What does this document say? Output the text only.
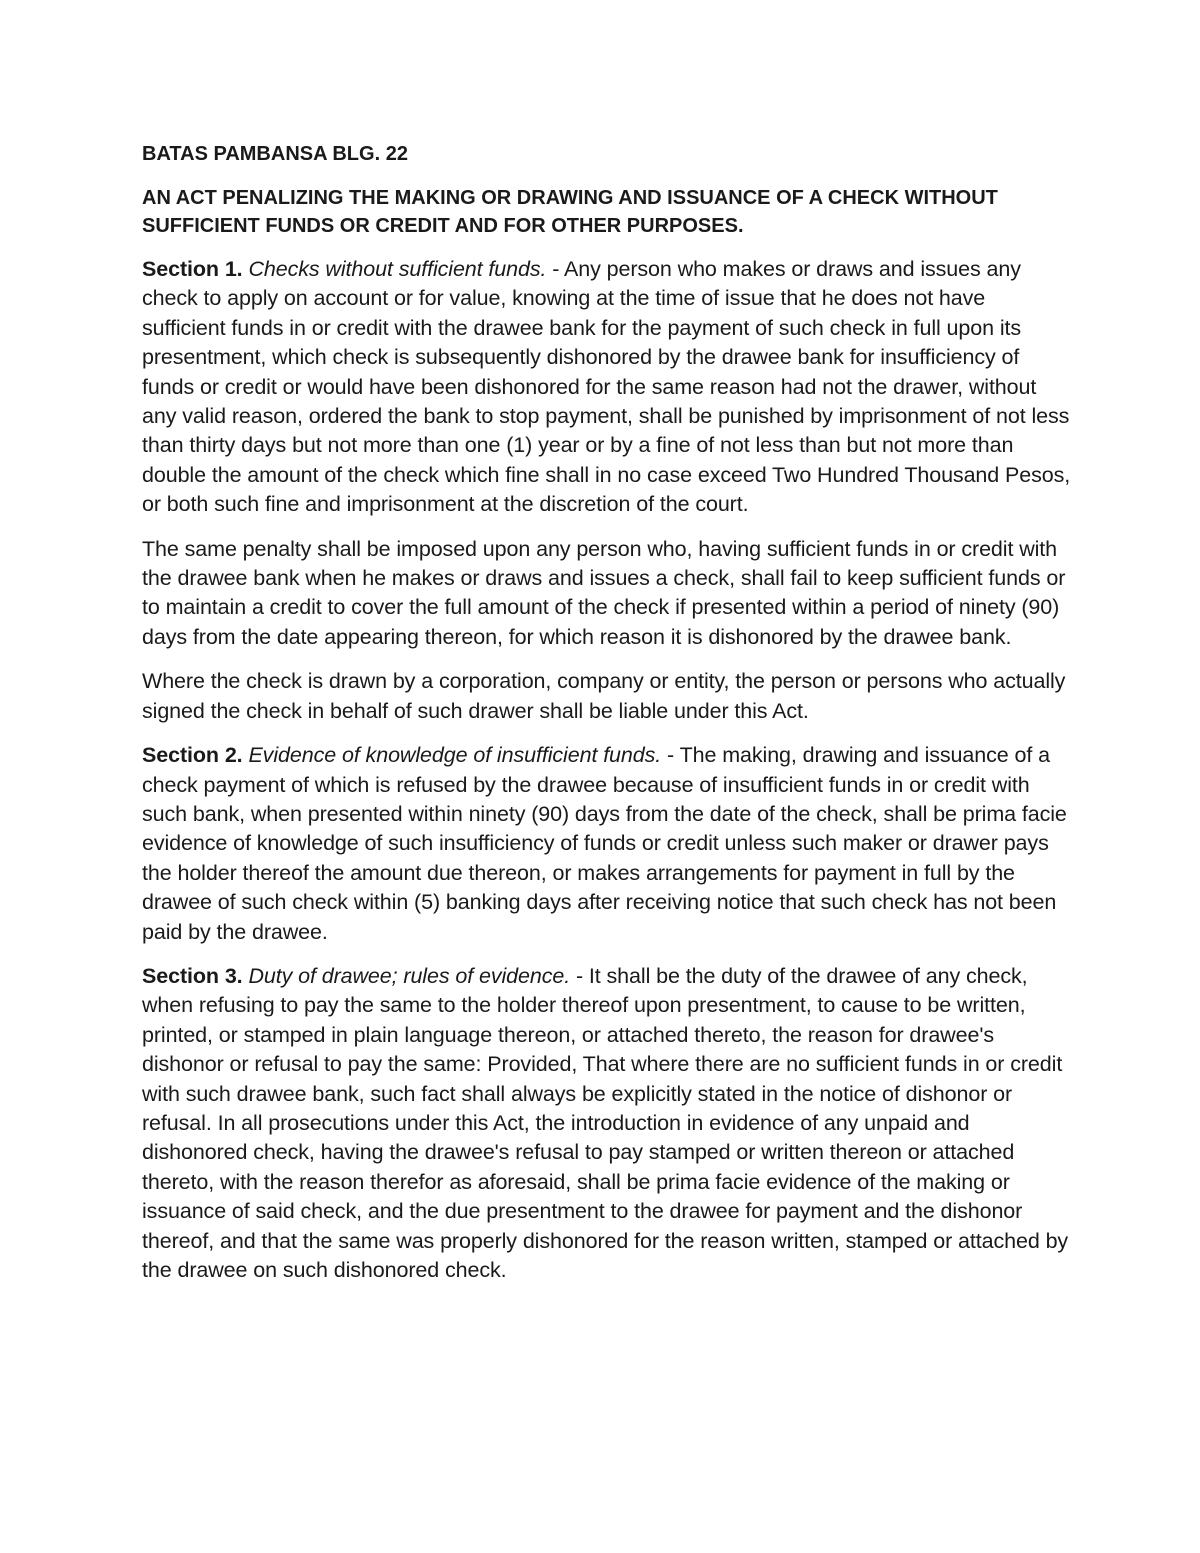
BATAS PAMBANSA BLG. 22

AN ACT PENALIZING THE MAKING OR DRAWING AND ISSUANCE OF A CHECK WITHOUT SUFFICIENT FUNDS OR CREDIT AND FOR OTHER PURPOSES.

Section 1. Checks without sufficient funds. - Any person who makes or draws and issues any check to apply on account or for value, knowing at the time of issue that he does not have sufficient funds in or credit with the drawee bank for the payment of such check in full upon its presentment, which check is subsequently dishonored by the drawee bank for insufficiency of funds or credit or would have been dishonored for the same reason had not the drawer, without any valid reason, ordered the bank to stop payment, shall be punished by imprisonment of not less than thirty days but not more than one (1) year or by a fine of not less than but not more than double the amount of the check which fine shall in no case exceed Two Hundred Thousand Pesos, or both such fine and imprisonment at the discretion of the court.

The same penalty shall be imposed upon any person who, having sufficient funds in or credit with the drawee bank when he makes or draws and issues a check, shall fail to keep sufficient funds or to maintain a credit to cover the full amount of the check if presented within a period of ninety (90) days from the date appearing thereon, for which reason it is dishonored by the drawee bank.

Where the check is drawn by a corporation, company or entity, the person or persons who actually signed the check in behalf of such drawer shall be liable under this Act.

Section 2. Evidence of knowledge of insufficient funds. - The making, drawing and issuance of a check payment of which is refused by the drawee because of insufficient funds in or credit with such bank, when presented within ninety (90) days from the date of the check, shall be prima facie evidence of knowledge of such insufficiency of funds or credit unless such maker or drawer pays the holder thereof the amount due thereon, or makes arrangements for payment in full by the drawee of such check within (5) banking days after receiving notice that such check has not been paid by the drawee.

Section 3. Duty of drawee; rules of evidence. - It shall be the duty of the drawee of any check, when refusing to pay the same to the holder thereof upon presentment, to cause to be written, printed, or stamped in plain language thereon, or attached thereto, the reason for drawee's dishonor or refusal to pay the same: Provided, That where there are no sufficient funds in or credit with such drawee bank, such fact shall always be explicitly stated in the notice of dishonor or refusal. In all prosecutions under this Act, the introduction in evidence of any unpaid and dishonored check, having the drawee's refusal to pay stamped or written thereon or attached thereto, with the reason therefor as aforesaid, shall be prima facie evidence of the making or issuance of said check, and the due presentment to the drawee for payment and the dishonor thereof, and that the same was properly dishonored for the reason written, stamped or attached by the drawee on such dishonored check.
